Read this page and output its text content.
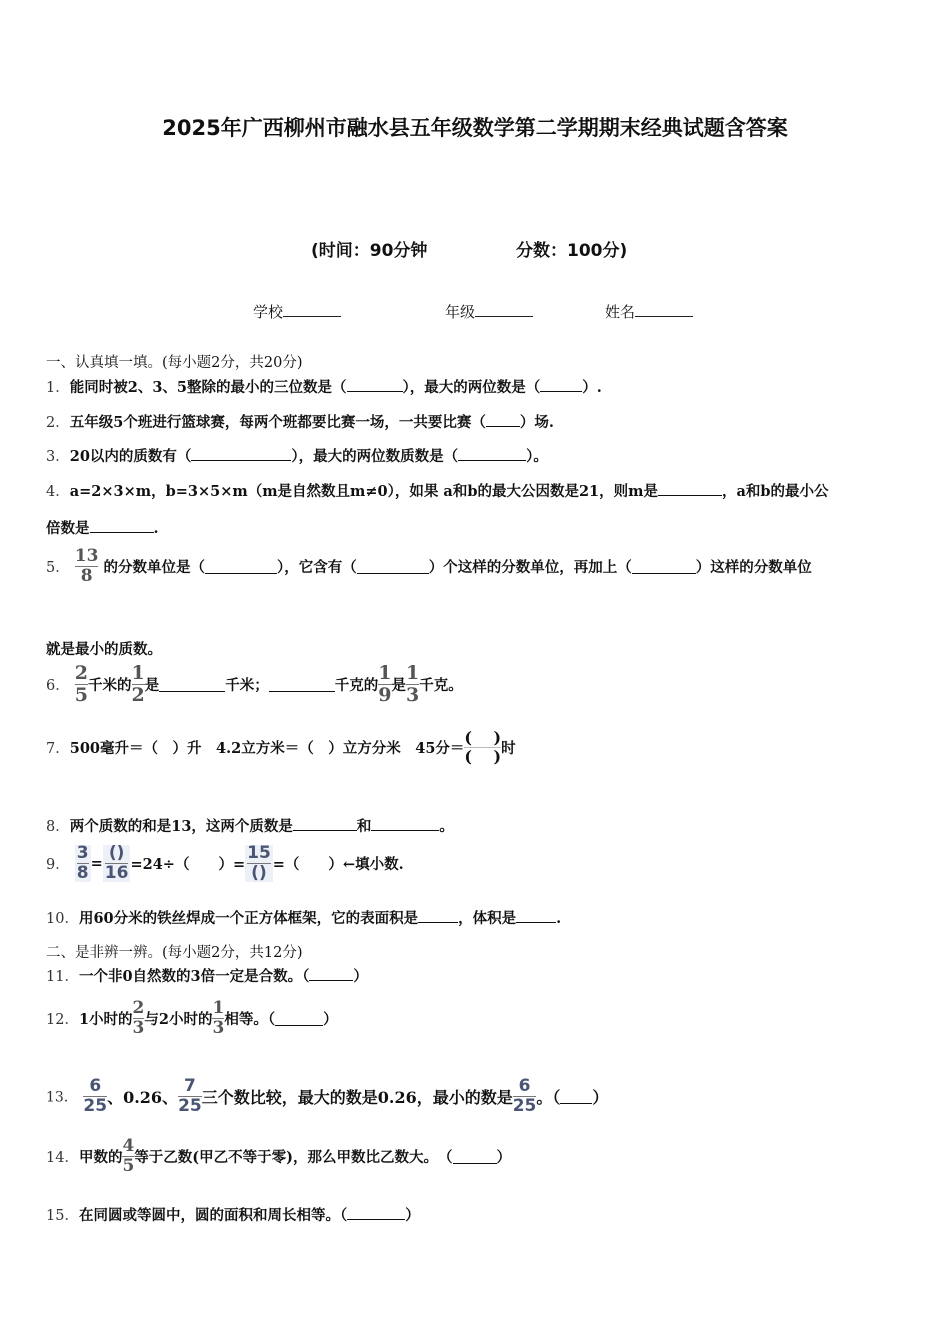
2025年广西柳州市融水县五年级数学第二学期期末经典试题含答案
(时间：90分钟	分数：100分)
学校	年级	姓名
一、认真填一填。(每小题2分，共20分)
1．能同时被2、3、5整除的最小的三位数是（	），最大的两位数是（	）.
2．五年级5个班进行篮球赛，每两个班都要比赛一场，一共要比赛（ ）场.
3．20以内的质数有（	），最大的两位数质数是（	）。
4．a=2×3×m，b=3×5×m（m是自然数且m≠0），如果 a和b的最大公因数是21，则m是	，a和b的最小公
倍数是	.
5． $\frac{13}{8}$ 的分数单位是（	），它含有（	）个这样的分数单位，再加上（	）这样的分数单位
就是最小的质数。
6． $\frac{2}{5}$ 千米的 $\frac{1}{2}$ 是	千米；	千克的 $\frac{1}{9}$ 是 $\frac{1}{3}$ 千克。
7．500毫升＝（　）升　4.2立方米＝（　）立方分米　45分＝ $\frac{( )}{( )}$ 时
8．两个质数的和是13，这两个质数是	和	。
9． $\frac{3}{8} = \frac{()}{16} =24\div$（　　）= $\frac{15}{()}$ =（　　）←填小数.
10．用60分米的铁丝焊成一个正方体框架，它的表面积是	，体积是	.
二、是非辨一辨。(每小题2分，共12分)
11．一个非0自然数的3倍一定是合数。（	）
12．1小时的 $\frac{2}{3}$ 与2小时的 $\frac{1}{3}$ 相等。（	）
13． $\frac{6}{25}$ 、0.26、 $\frac{7}{25}$ 三个数比较，最大的数是0.26，最小的数是 $\frac{6}{25}$ 。（ ）
14．甲数的 $\frac{4}{5}$ 等于乙数(甲乙不等于零)，那么甲数比乙数大。　（	）
15．在同圆或等圆中，圆的面积和周长相等。（	）
